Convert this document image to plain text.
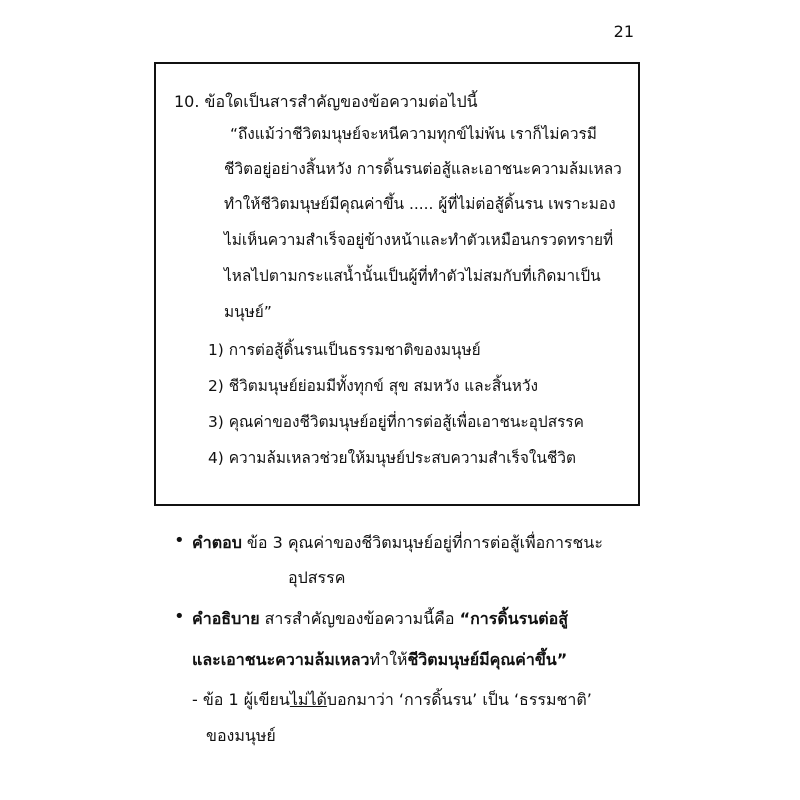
21
10. ข้อใดเป็นสารสำคัญของข้อความต่อไปนี้
“ถึงแม้ว่าชีวิตมนุษย์จะหนีความทุกข์ไม่พ้น เราก็ไม่ควรมี
ชีวิตอยู่อย่างสิ้นหวัง การดิ้นรนต่อสู้และเอาชนะความล้มเหลว
ทำให้ชีวิตมนุษย์มีคุณค่าขึ้น ..... ผู้ที่ไม่ต่อสู้ดิ้นรน เพราะมอง
ไม่เห็นความสำเร็จอยู่ข้างหน้าและทำตัวเหมือนกรวดทรายที่
ไหลไปตามกระแสน้ำนั้นเป็นผู้ที่ทำตัวไม่สมกับที่เกิดมาเป็น
มนุษย์”
1) การต่อสู้ดิ้นรนเป็นธรรมชาติของมนุษย์
2) ชีวิตมนุษย์ย่อมมีทั้งทุกข์ สุข สมหวัง และสิ้นหวัง
3) คุณค่าของชีวิตมนุษย์อยู่ที่การต่อสู้เพื่อเอาชนะอุปสรรค
4) ความล้มเหลวช่วยให้มนุษย์ประสบความสำเร็จในชีวิต
• คำตอบ ข้อ 3 คุณค่าของชีวิตมนุษย์อยู่ที่การต่อสู้เพื่อการชนะ
อุปสรรค
• คำอธิบาย สารสำคัญของข้อความนี้คือ “การดิ้นรนต่อสู้
และเอาชนะความล้มเหลวทำให้ชีวิตมนุษย์มีคุณค่าขึ้น”
- ข้อ 1 ผู้เขียนไม่ได้บอกมาว่า ‘การดิ้นรน’ เป็น ‘ธรรมชาติ’
ของมนุษย์
